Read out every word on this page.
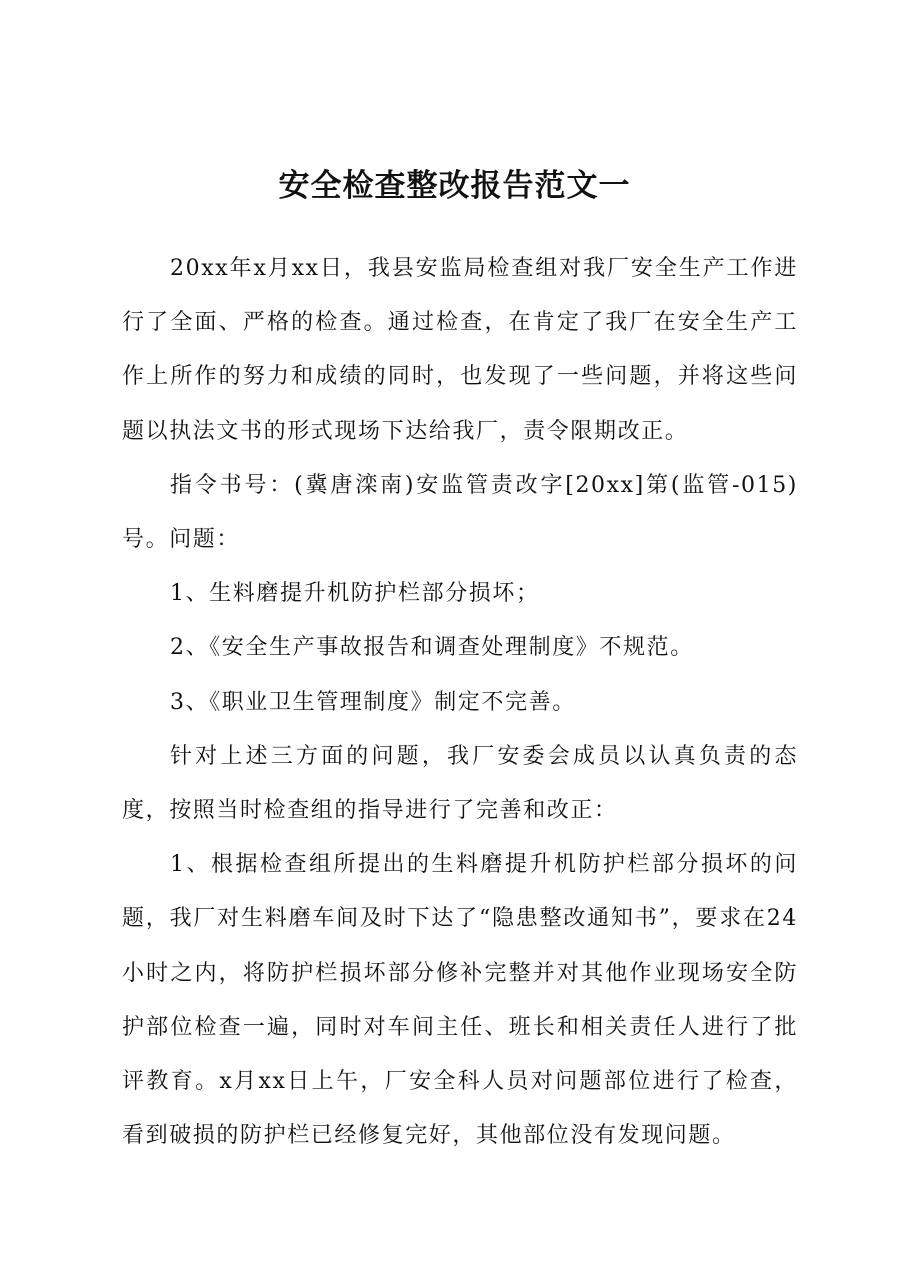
安全检查整改报告范文一

20xx年x月xx日，我县安监局检查组对我厂安全生产工作进行了全面、严格的检查。通过检查，在肯定了我厂在安全生产工作上所作的努力和成绩的同时，也发现了一些问题，并将这些问题以执法文书的形式现场下达给我厂，责令限期改正。

指令书号：(冀唐滦南)安监管责改字[20xx]第(监管-015)号。问题：

1、生料磨提升机防护栏部分损坏；

2、《安全生产事故报告和调查处理制度》不规范。

3、《职业卫生管理制度》制定不完善。

针对上述三方面的问题，我厂安委会成员以认真负责的态度，按照当时检查组的指导进行了完善和改正：

1、根据检查组所提出的生料磨提升机防护栏部分损坏的问题，我厂对生料磨车间及时下达了“隐患整改通知书”，要求在24小时之内，将防护栏损坏部分修补完整并对其他作业现场安全防护部位检查一遍，同时对车间主任、班长和相关责任人进行了批评教育。x月xx日上午，厂安全科人员对问题部位进行了检查，看到破损的防护栏已经修复完好，其他部位没有发现问题。
